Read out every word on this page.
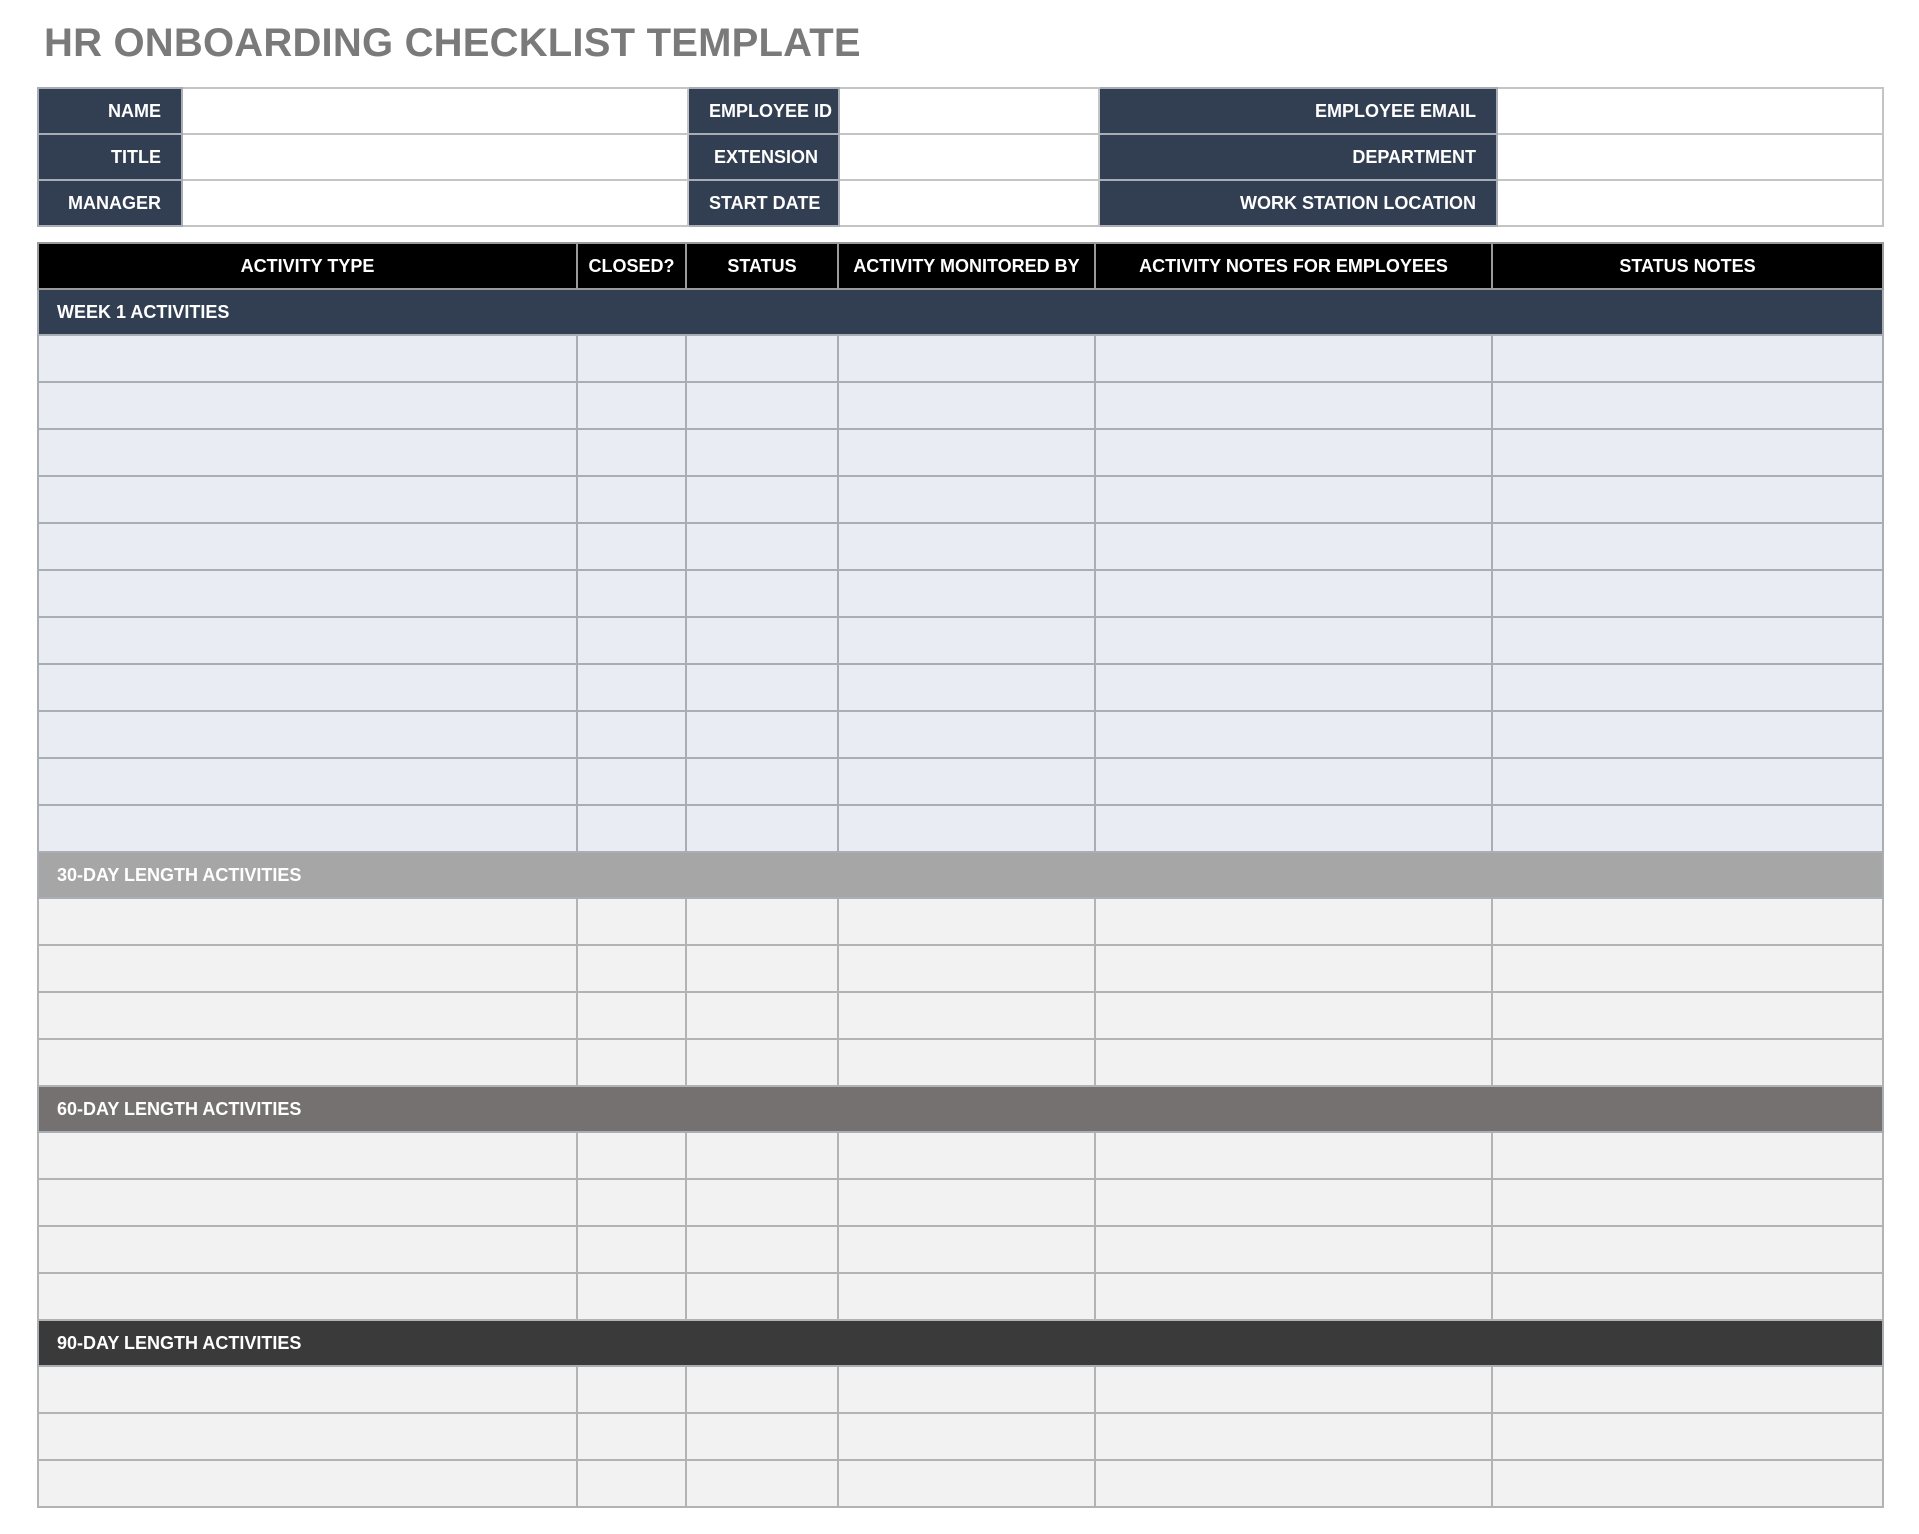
HR ONBOARDING CHECKLIST TEMPLATE
NAME		EMPLOYEE ID		EMPLOYEE EMAIL	
TITLE		EXTENSION		DEPARTMENT	
MANAGER		START DATE		WORK STATION LOCATION	
ACTIVITY TYPE	CLOSED?	STATUS	ACTIVITY MONITORED BY	ACTIVITY NOTES FOR EMPLOYEES	STATUS NOTES
WEEK 1 ACTIVITIES					

30-DAY LENGTH ACTIVITIES					

60-DAY LENGTH ACTIVITIES					

90-DAY LENGTH ACTIVITIES					
